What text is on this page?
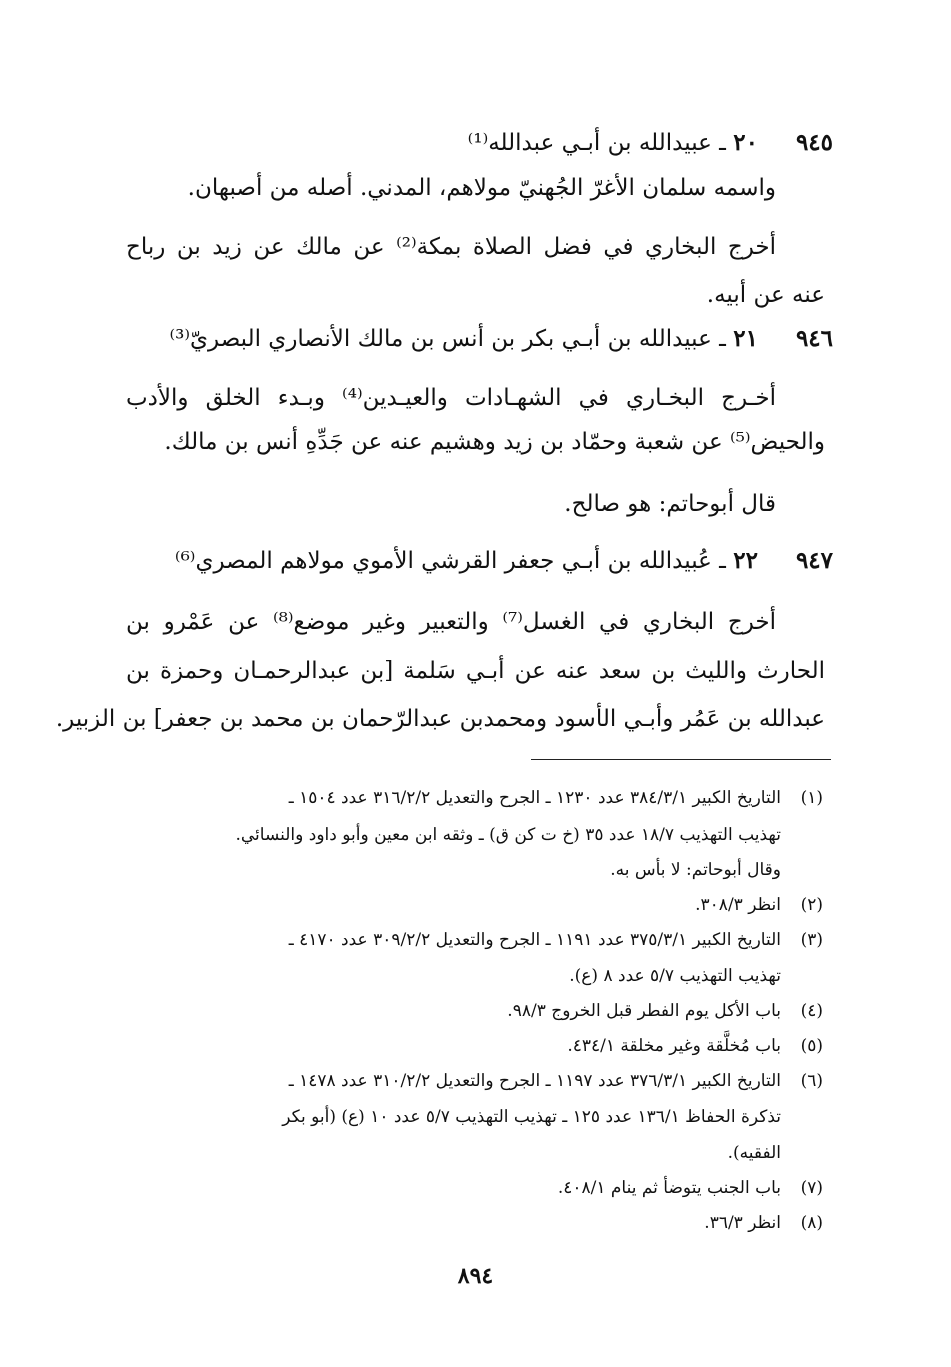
٩٤٥٢٠ ـ عبيدالله بن أبـي عبدالله⁽¹⁾
واسمه سلمان الأغرّ الجُهنيّ مولاهم، المدني. أصله من أصبهان.
أخرج البخاري في فضل الصلاة بمكة⁽²⁾ عن مالك عن زيد بن رباح
عنه عن أبيه.
٩٤٦٢١ ـ عبيدالله بن أبـي بكر بن أنس بن مالك الأنصاري البصريّ⁽³⁾
أخـرج البخـاري في الشهـادات والعيـدين⁽⁴⁾ وبـدء الخلق والأدب
والحيض⁽⁵⁾ عن شعبة وحمّاد بن زيد وهشيم عنه عن جَدِّهِ أنس بن مالك.
قال أبوحاتم: هو صالح.
٩٤٧٢٢ ـ عُبيدالله بن أبـي جعفر القرشي الأموي مولاهم المصري⁽⁶⁾
أخرج البخاري في الغسل⁽⁷⁾ والتعبير وغير موضع⁽⁸⁾ عن عَمْرو بن
الحارث والليث بن سعد عنه عن أبـي سَلمة [بن عبدالرحمـان وحمزة بن
عبدالله بن عَمُر وأبـي الأسود ومحمدبن عبدالرّحمان بن محمد بن جعفر] بن الزبير.
(١)التاريخ الكبير ٣٨٤/٣/١ عدد ١٢٣٠ ـ الجرح والتعديل ٣١٦/٢/٢ عدد ١٥٠٤ ـ
تهذيب التهذيب ١٨/٧ عدد ٣٥ (خ ت كن ق) ـ وثقه ابن معين وأبو داود والنسائي.
وقال أبوحاتم: لا بأس به.
(٢)انظر ٣٠٨/٣.
(٣)التاريخ الكبير ٣٧٥/٣/١ عدد ١١٩١ ـ الجرح والتعديل ٣٠٩/٢/٢ عدد ٤١٧٠ ـ
تهذيب التهذيب ٥/٧ عدد ٨ (ع).
(٤)باب الأكل يوم الفطر قبل الخروج ٩٨/٣.
(٥)باب مُخلَّقة وغير مخلقة ٤٣٤/١.
(٦)التاريخ الكبير ٣٧٦/٣/١ عدد ١١٩٧ ـ الجرح والتعديل ٣١٠/٢/٢ عدد ١٤٧٨ ـ
تذكرة الحفاظ ١٣٦/١ عدد ١٢٥ ـ تهذيب التهذيب ٥/٧ عدد ١٠ (ع) (أبو بكر
الفقيه).
(٧)باب الجنب يتوضأ ثم ينام ٤٠٨/١.
(٨)انظر ٣٦/٣.
٨٩٤
